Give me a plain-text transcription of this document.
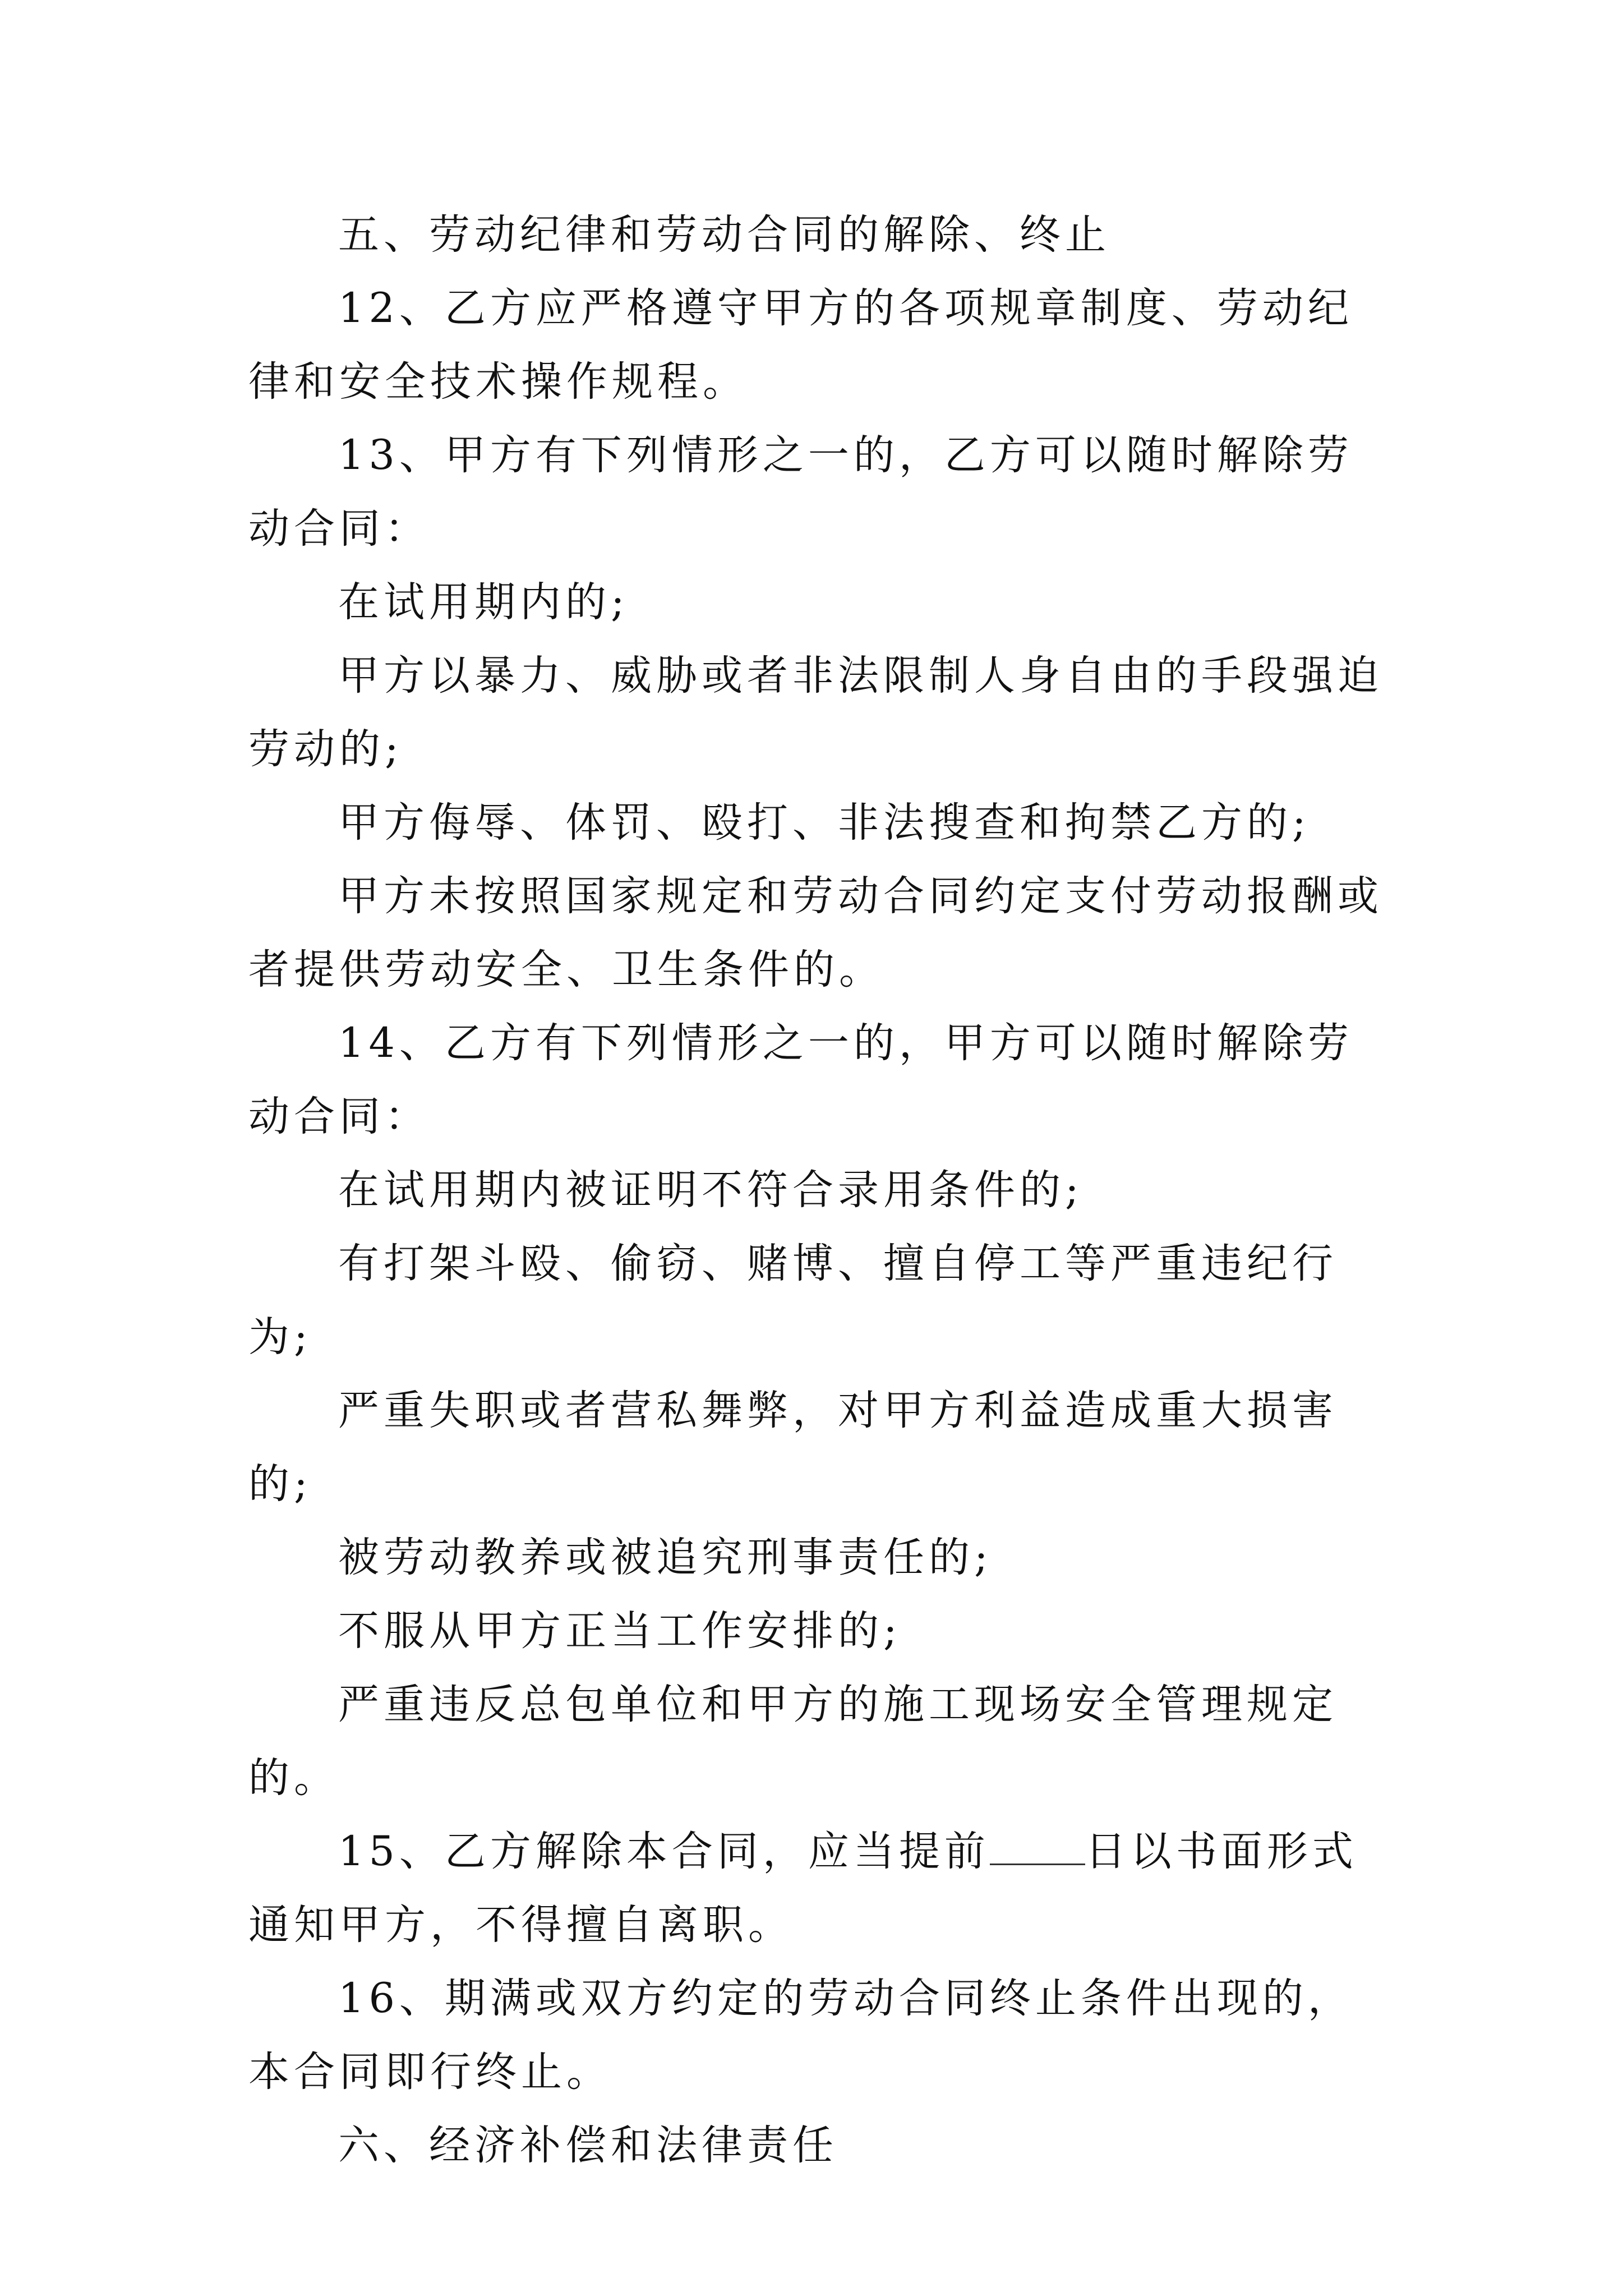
五、劳动纪律和劳动合同的解除、终止

12、乙方应严格遵守甲方的各项规章制度、劳动纪律和安全技术操作规程。

13、甲方有下列情形之一的，乙方可以随时解除劳动合同：

在试用期内的;

甲方以暴力、威胁或者非法限制人身自由的手段强迫劳动的;

甲方侮辱、体罚、殴打、非法搜查和拘禁乙方的;

甲方未按照国家规定和劳动合同约定支付劳动报酬或者提供劳动安全、卫生条件的。

14、乙方有下列情形之一的，甲方可以随时解除劳动合同：

在试用期内被证明不符合录用条件的;

有打架斗殴、偷窃、赌博、擅自停工等严重违纪行为;

严重失职或者营私舞弊，对甲方利益造成重大损害的;

被劳动教养或被追究刑事责任的;

不服从甲方正当工作安排的;

严重违反总包单位和甲方的施工现场安全管理规定的。

15、乙方解除本合同，应当提前 日以书面形式通知甲方，不得擅自离职。

16、期满或双方约定的劳动合同终止条件出现的，本合同即行终止。

六、经济补偿和法律责任
